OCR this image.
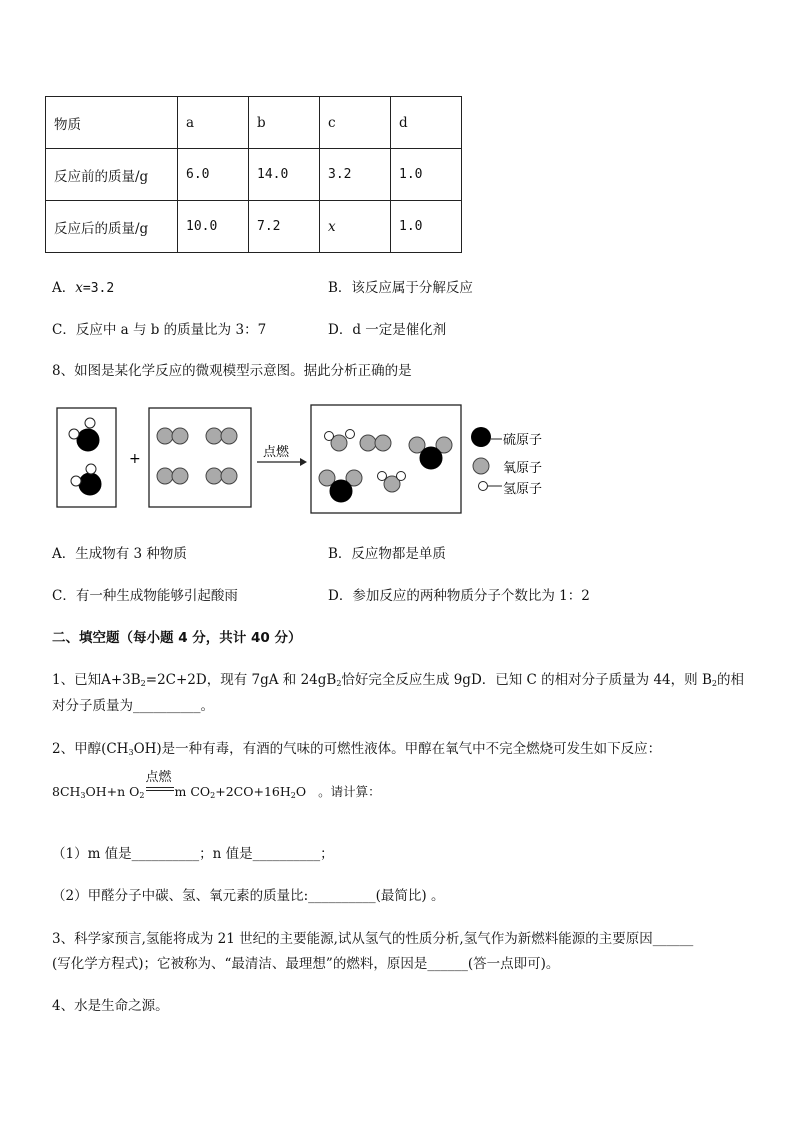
物质	a	b	c	d
反应前的质量/g	6.0	14.0	3.2	1.0
反应后的质量/g	10.0	7.2	x	1.0
A．x=3.2	B．该反应属于分解反应
C．反应中 a 与 b 的质量比为 3：7	D．d 一定是催化剂
8、如图是某化学反应的微观模型示意图。据此分析正确的是
+	点燃
硫原子
氧原子
氢原子
A．生成物有 3 种物质	B．反应物都是单质
C．有一种生成物能够引起酸雨	D．参加反应的两种物质分子个数比为 1：2
二、填空题（每小题 4 分，共计 40 分）
1、已知$A+3B_2=2C+2D$，现有 7gA 和 $24gB_2$恰好完全反应生成 9gD．已知 C 的相对分子质量为 44，则 $B_2$的相
对分子质量为__________。
2、甲醇$(CH_3OH)$是一种有毒，有酒的气味的可燃性液体。甲醇在氧气中不完全燃烧可发生如下反应：
$8CH_3OH+n$ $O_2$
点燃
m $CO_2+2CO+16H_2O$ 。请计算：
（1）m 值是__________；n 值是__________；
（2）甲醛分子中碳、氢、氧元素的质量比:__________(最简比) 。
3、科学家预言,氢能将成为 21 世纪的主要能源,试从氢气的性质分析,氢气作为新燃料能源的主要原因______
(写化学方程式)；它被称为、“最清洁、最理想”的燃料，原因是______(答一点即可)。
4、水是生命之源。
